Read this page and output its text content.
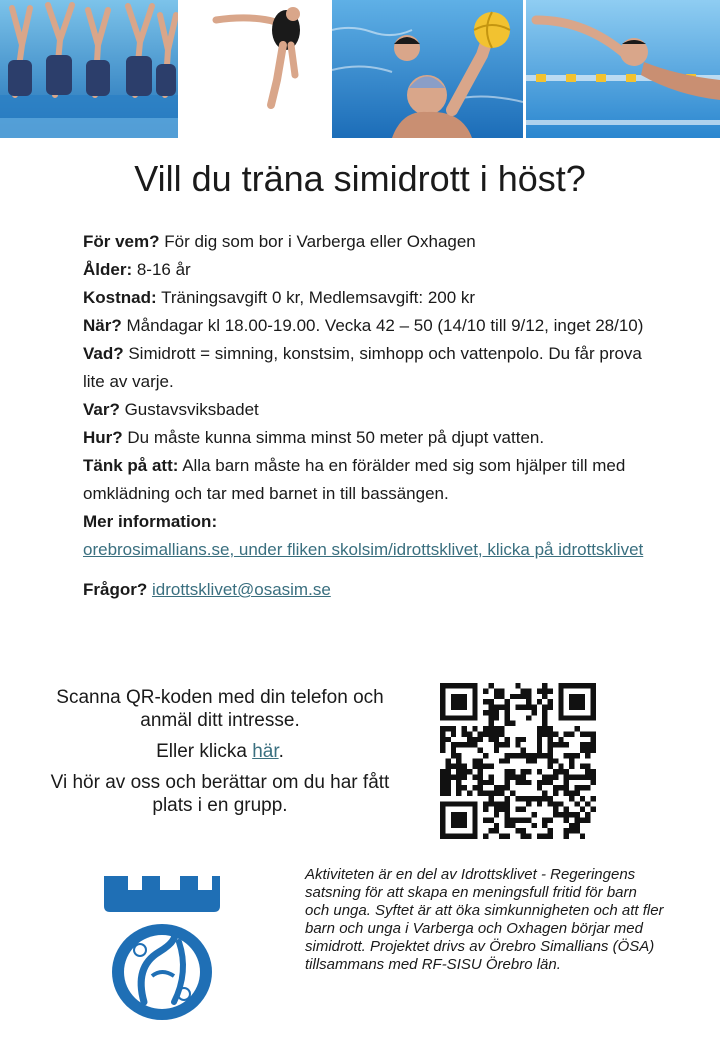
Vill du träna simidrott i höst?

För vem? För dig som bor i Varberga eller Oxhagen

Ålder: 8-16 år

Kostnad: Träningsavgift 0 kr, Medlemsavgift: 200 kr

När? Måndagar kl 18.00-19.00. Vecka 42 – 50 (14/10 till 9/12, inget 28/10)

Vad? Simidrott = simning, konstsim, simhopp och vattenpolo. Du får prova lite av varje.

Var? Gustavsviksbadet

Hur? Du måste kunna simma minst 50 meter på djupt vatten.

Tänk på att: Alla barn måste ha en förälder med sig som hjälper till med omklädning och tar med barnet in till bassängen.

Mer information:

orebrosimallians.se, under fliken skolsim/idrottsklivet, klicka på idrottsklivet

Frågor? idrottsklivet@osasim.se

Scanna QR-koden med din telefon och anmäl ditt intresse.

Eller klicka här.

Vi hör av oss och berättar om du har fått plats i en grupp.

Aktiviteten är en del av Idrottsklivet - Regeringens satsning för att skapa en meningsfull fritid för barn och unga. Syftet är att öka simkunnigheten och att fler barn och unga i Varberga och Oxhagen börjar med simidrott. Projektet drivs av Örebro Simallians (ÖSA) tillsammans med RF-SISU Örebro län.
